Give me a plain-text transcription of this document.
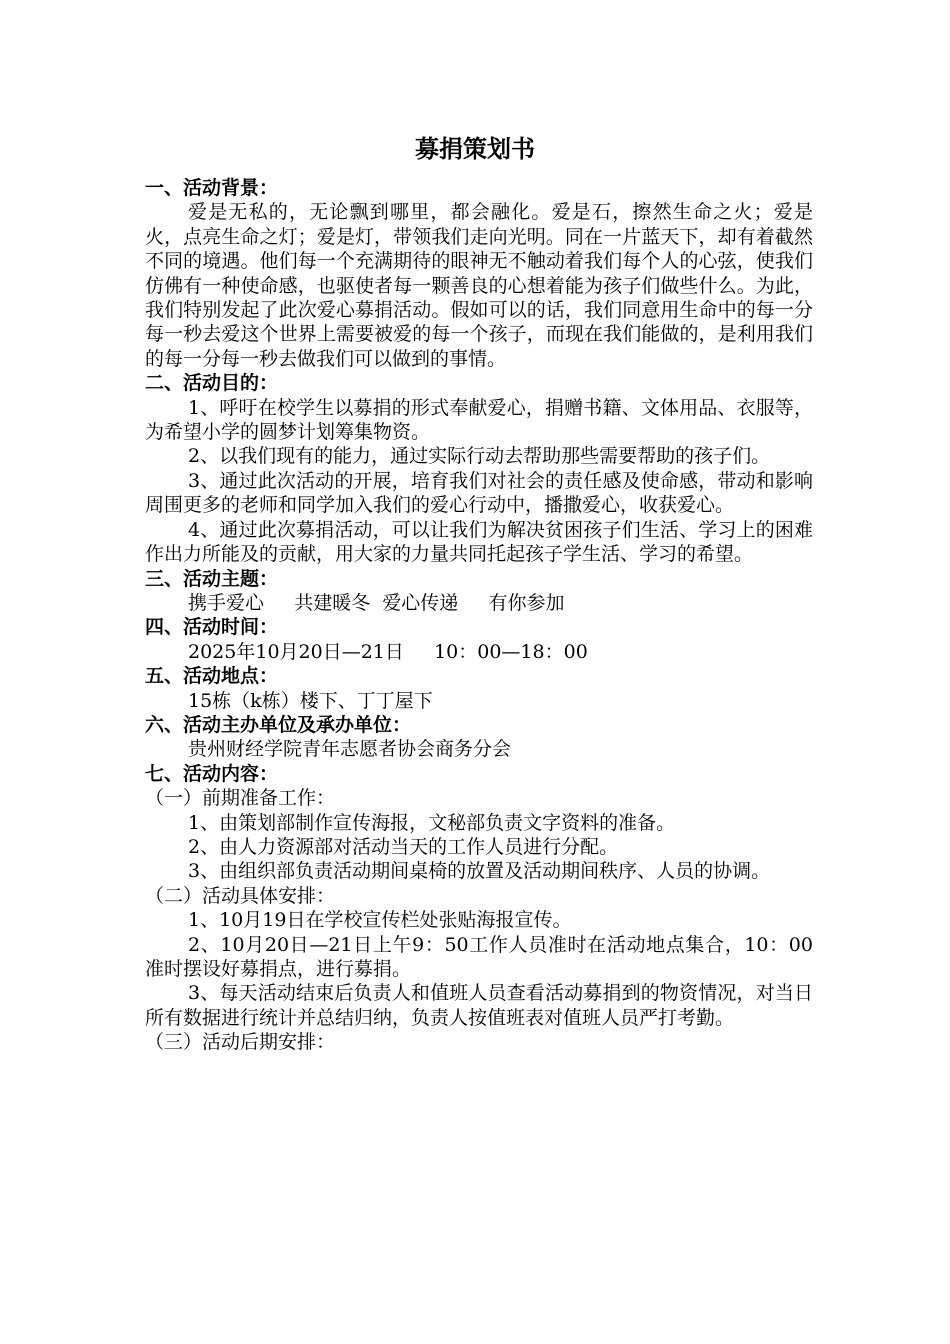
募捐策划书

一、活动背景：

爱是无私的，无论飘到哪里，都会融化。爱是石，擦然生命之火；爱是火，点亮生命之灯；爱是灯，带领我们走向光明。同在一片蓝天下，却有着截然不同的境遇。他们每一个充满期待的眼神无不触动着我们每个人的心弦，使我们仿佛有一种使命感，也驱使者每一颗善良的心想着能为孩子们做些什么。为此，我们特别发起了此次爱心募捐活动。假如可以的话，我们同意用生命中的每一分每一秒去爱这个世界上需要被爱的每一个孩子，而现在我们能做的，是利用我们的每一分每一秒去做我们可以做到的事情。

二、活动目的：

1、呼吁在校学生以募捐的形式奉献爱心，捐赠书籍、文体用品、衣服等，为希望小学的圆梦计划筹集物资。

2、以我们现有的能力，通过实际行动去帮助那些需要帮助的孩子们。

3、通过此次活动的开展，培育我们对社会的责任感及使命感，带动和影响周围更多的老师和同学加入我们的爱心行动中，播撒爱心，收获爱心。

4、通过此次募捐活动，可以让我们为解决贫困孩子们生活、学习上的困难作出力所能及的贡献，用大家的力量共同托起孩子学生活、学习的希望。

三、活动主题：

携手爱心     共建暖冬  爱心传递     有你参加

四、活动时间：

2025年10月20日—21日     10：00—18：00

五、活动地点：

15栋（k栋）楼下、丁丁屋下

六、活动主办单位及承办单位：

贵州财经学院青年志愿者协会商务分会

七、活动内容：

（一）前期准备工作：

1、由策划部制作宣传海报，文秘部负责文字资料的准备。

2、由人力资源部对活动当天的工作人员进行分配。

3、由组织部负责活动期间桌椅的放置及活动期间秩序、人员的协调。

（二）活动具体安排：

1、10月19日在学校宣传栏处张贴海报宣传。

2、10月20日—21日上午9：50工作人员准时在活动地点集合，10：00准时摆设好募捐点，进行募捐。

3、每天活动结束后负责人和值班人员查看活动募捐到的物资情况，对当日所有数据进行统计并总结归纳，负责人按值班表对值班人员严打考勤。

（三）活动后期安排：
